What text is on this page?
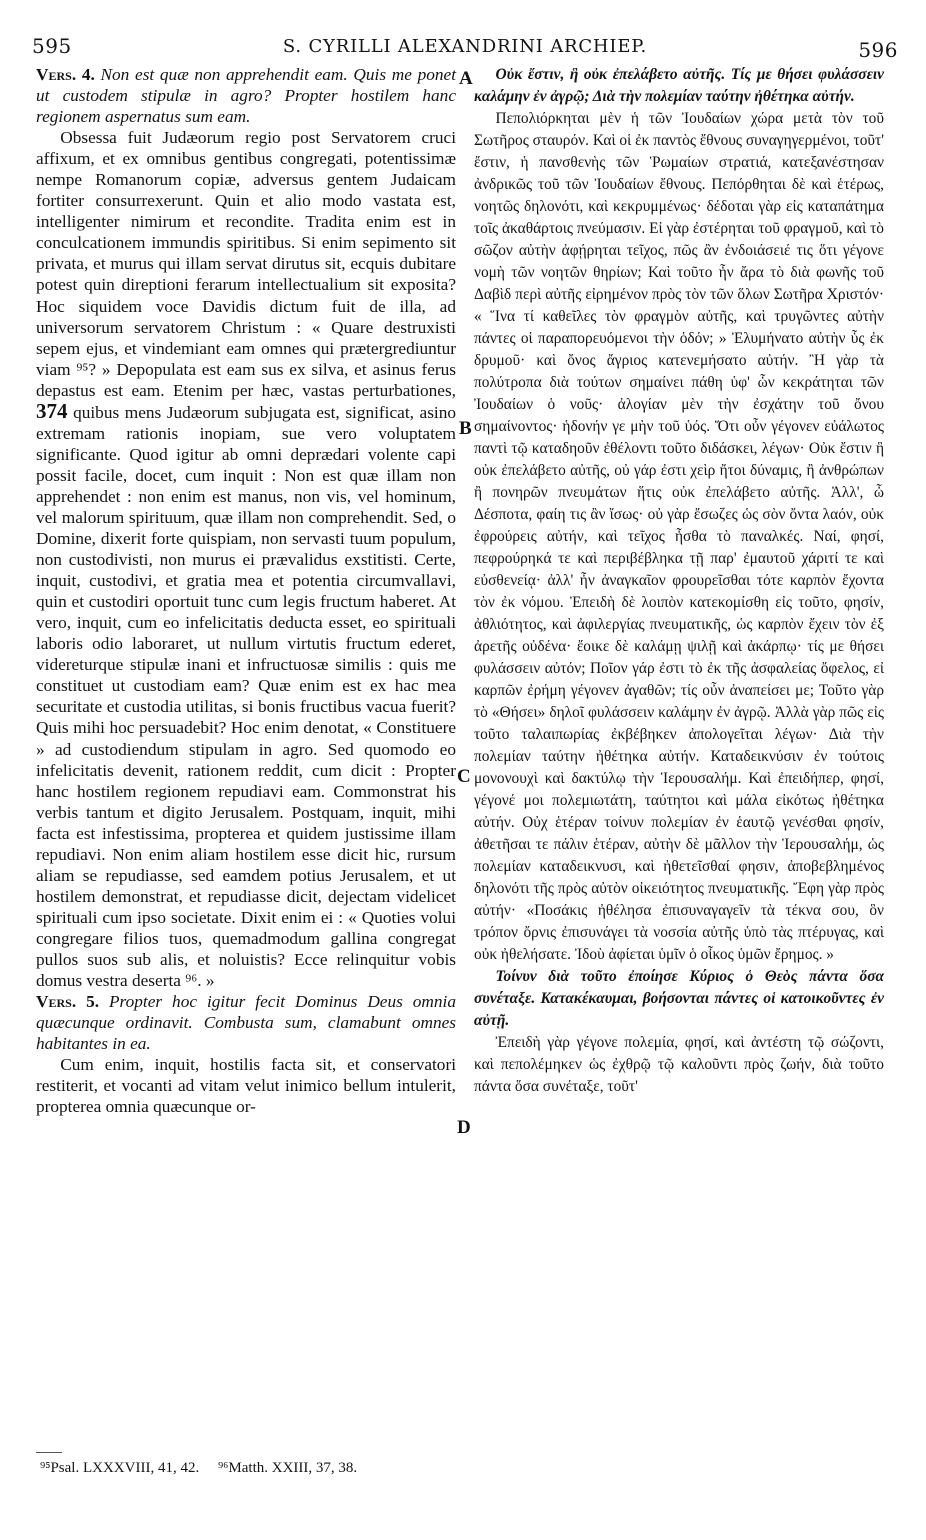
595	S. CYRILLI ALEXANDRINI ARCHIEP.	596

Vers. 4. Non est quæ non apprehendit eam. Quis me ponet ut custodem stipulæ in agro? Propter hostilem hanc regionem aspernatus sum eam.

Obsessa fuit Judæorum regio post Servatorem cruci affixum, et ex omnibus gentibus congregati, potentissimæ nempe Romanorum copiæ, adversus gentem Judaicam fortiter consurrexerunt. Quin et alio modo vastata est, intelligenter nimirum et recondite. Tradita enim est in conculcationem immundis spiritibus. Si enim sepimento sit privata, et murus qui illam servat dirutus sit, ecquis dubitare potest quin direptioni ferarum intellectualium sit exposita? Hoc siquidem voce Davidis dictum fuit de illa, ad universorum servatorem Christum : « Quare destruxisti sepem ejus, et vindemiant eam omnes qui prætergrediuntur viam ⁹⁵? » Depopulata est eam sus ex silva, et asinus ferus depastus est eam. Etenim per hæc, vastas perturbationes, 374 quibus mens Judæorum subjugata est, significat, asino extremam rationis inopiam, sue vero voluptatem significante. Quod igitur ab omni deprædari volente capi possit facile, docet, cum inquit : Non est quæ illam non apprehendet : non enim est manus, non vis, vel hominum, vel malorum spirituum, quæ illam non comprehendit. Sed, o Domine, dixerit forte quispiam, non servasti tuum populum, non custodivisti, non murus ei prævalidus exstitisti. Certe, inquit, custodivi, et gratia mea et potentia circumvallavi, quin et custodiri oportuit tunc cum legis fructum haberet. At vero, inquit, cum eo infelicitatis deducta esset, eo spirituali laboris odio laboraret, ut nullum virtutis fructum ederet, videreturque stipulæ inani et infructuosæ similis : quis me constituet ut custodiam eam? Quæ enim est ex hac mea securitate et custodia utilitas, si bonis fructibus vacua fuerit? Quis mihi hoc persuadebit? Hoc enim denotat, « Constituere » ad custodiendum stipulam in agro. Sed quomodo eo infelicitatis devenit, rationem reddit, cum dicit : Propter hanc hostilem regionem repudiavi eam. Commonstrat his verbis tantum et digito Jerusalem. Postquam, inquit, mihi facta est infestissima, propterea et quidem justissime illam repudiavi. Non enim aliam hostilem esse dicit hic, rursum aliam se repudiasse, sed eamdem potius Jerusalem, et ut hostilem demonstrat, et repudiasse dicit, dejectam videlicet spirituali cum ipso societate. Dixit enim ei : « Quoties volui congregare filios tuos, quemadmodum gallina congregat pullos suos sub alis, et noluistis? Ecce relinquitur vobis domus vestra deserta ⁹⁶. »

Vers. 5. Propter hoc igitur fecit Dominus Deus omnia quæcunque ordinavit. Combusta sum, clamabunt omnes habitantes in ea.

Cum enim, inquit, hostilis facta sit, et conservatori restiterit, et vocanti ad vitam velut inimico bellum intulerit, propterea omnia quæcunque or-

Οὐκ ἔστιν, ἣ οὐκ ἐπελάβετο αὐτῆς. Τίς με θήσει φυλάσσειν καλάμην ἐν ἀγρῷ; Διὰ τὴν πολεμίαν ταύτην ἠθέτηκα αὐτήν.

Πεπολιόρκηται μὲν ἡ τῶν Ἰουδαίων χώρα μετὰ τὸν τοῦ Σωτῆρος σταυρόν. Καὶ οἱ ἐκ παντὸς ἔθνους συναγηγερμένοι, τοῦτ' ἔστιν, ἡ πανσθενὴς τῶν Ῥωμαίων στρατιά, κατεξανέστησαν ἀνδρικῶς τοῦ τῶν Ἰουδαίων ἔθνους. Πεπόρθηται δὲ καὶ ἑτέρως, νοητῶς δηλονότι, καὶ κεκρυμμένως· δέδοται γὰρ εἰς καταπάτημα τοῖς ἀκαθάρτοις πνεύμασιν. Εἰ γὰρ ἐστέρηται τοῦ φραγμοῦ, καὶ τὸ σῶζον αὐτὴν ἀφῄρηται τεῖχος, πῶς ἂν ἐνδοιάσειέ τις ὅτι γέγονε νομὴ τῶν νοητῶν θηρίων; Καὶ τοῦτο ἦν ἄρα τὸ διὰ φωνῆς τοῦ Δαβὶδ περὶ αὐτῆς εἰρημένον πρὸς τὸν τῶν ὅλων Σωτῆρα Χριστόν· « Ἵνα τί καθεῖλες τὸν φραγμὸν αὐτῆς, καὶ τρυγῶντες αὐτὴν πάντες οἱ παραπορευόμενοι τὴν ὁδόν; » Ἐλυμήνατο αὐτὴν ὗς ἐκ δρυμοῦ· καὶ ὄνος ἄγριος κατενεμήσατο αὐτήν. Ἢ γὰρ τὰ πολύτροπα διὰ τούτων σημαίνει πάθη ὑφ' ὧν κεκράτηται τῶν Ἰουδαίων ὁ νοῦς· ἀλογίαν μὲν τὴν ἐσχάτην τοῦ ὄνου σημαίνοντος· ἡδονήν γε μὴν τοῦ ὑός. Ὅτι οὖν γέγονεν εὐάλωτος παντὶ τῷ καταδηοῦν ἐθέλοντι τοῦτο διδάσκει, λέγων· Οὐκ ἔστιν ἣ οὐκ ἐπελάβετο αὐτῆς, οὐ γάρ ἐστι χεὶρ ἤτοι δύναμις, ἢ ἀνθρώπων ἢ πονηρῶν πνευμάτων ἥτις οὐκ ἐπελάβετο αὐτῆς. Ἀλλ', ὦ Δέσποτα, φαίη τις ἂν ἴσως· οὐ γὰρ ἔσωζες ὡς σὸν ὄντα λαόν, οὐκ ἐφρούρεις αὐτήν, καὶ τεῖχος ἦσθα τὸ παναλκές. Ναί, φησί, πεφρούρηκά τε καὶ περιβέβληκα τῇ παρ' ἐμαυτοῦ χάριτί τε καὶ εὐσθενείᾳ· ἀλλ' ἦν ἀναγκαῖον φρουρεῖσθαι τότε καρπὸν ἔχοντα τὸν ἐκ νόμου. Ἐπειδὴ δὲ λοιπὸν κατεκομίσθη εἰς τοῦτο, φησίν, ἀθλιότητος, καὶ ἀφιλεργίας πνευματικῆς, ὡς καρπὸν ἔχειν τὸν ἐξ ἀρετῆς οὐδένα· ἔοικε δὲ καλάμῃ ψιλῇ καὶ ἀκάρπῳ· τίς με θήσει φυλάσσειν αὐτόν; Ποῖον γάρ ἐστι τὸ ἐκ τῆς ἀσφαλείας ὄφελος, εἰ καρπῶν ἐρήμη γέγονεν ἀγαθῶν; τίς οὖν ἀναπείσει με; Τοῦτο γὰρ τὸ «Θήσει» δηλοῖ φυλάσσειν καλάμην ἐν ἀγρῷ. Ἀλλὰ γὰρ πῶς εἰς τοῦτο ταλαιπωρίας ἐκβέβηκεν ἀπολογεῖται λέγων· Διὰ τὴν πολεμίαν ταύτην ἠθέτηκα αὐτήν. Καταδεικνύσιν ἐν τούτοις μονονουχὶ καὶ δακτύλῳ τὴν Ἱερουσαλήμ. Καὶ ἐπειδήπερ, φησί, γέγονέ μοι πολεμιωτάτη, ταύτητοι καὶ μάλα εἰκότως ἠθέτηκα αὐτήν. Οὐχ ἑτέραν τοίνυν πολεμίαν ἐν ἑαυτῷ γενέσθαι φησίν, ἀθετῆσαι τε πάλιν ἑτέραν, αὐτὴν δὲ μᾶλλον τὴν Ἱερουσαλήμ, ὡς πολεμίαν καταδεικνυσι, καὶ ἠθετεῖσθαί φησιν, ἀποβεβλημένος δηλονότι τῆς πρὸς αὐτὸν οἰκειότητος πνευματικῆς. Ἔφη γὰρ πρὸς αὐτήν· «Ποσάκις ἠθέλησα ἐπισυναγαγεῖν τὰ τέκνα σου, ὃν τρόπον ὄρνις ἐπισυνάγει τὰ νοσσία αὐτῆς ὑπὸ τὰς πτέρυγας, καὶ οὐκ ἠθελήσατε. Ἰδοὺ ἀφίεται ὑμῖν ὁ οἶκος ὑμῶν ἔρημος. »

Τοίνυν διὰ τοῦτο ἐποίησε Κύριος ὁ Θεὸς πάντα ὅσα συνέταξε. Κατακέκαυμαι, βοήσονται πάντες οἱ κατοικοῦντες ἐν αὐτῇ.

Ἐπειδὴ γὰρ γέγονε πολεμία, φησί, καὶ ἀντέστη τῷ σώζοντι, καὶ πεπολέμηκεν ὡς ἐχθρῷ τῷ καλοῦντι πρὸς ζωήν, διὰ τοῦτο πάντα ὅσα συνέταξε, τοῦτ'

A
B
C
D
⁹⁵Psal. LXXXVIII, 41, 42. ⁹⁶Matth. XXIII, 37, 38.
